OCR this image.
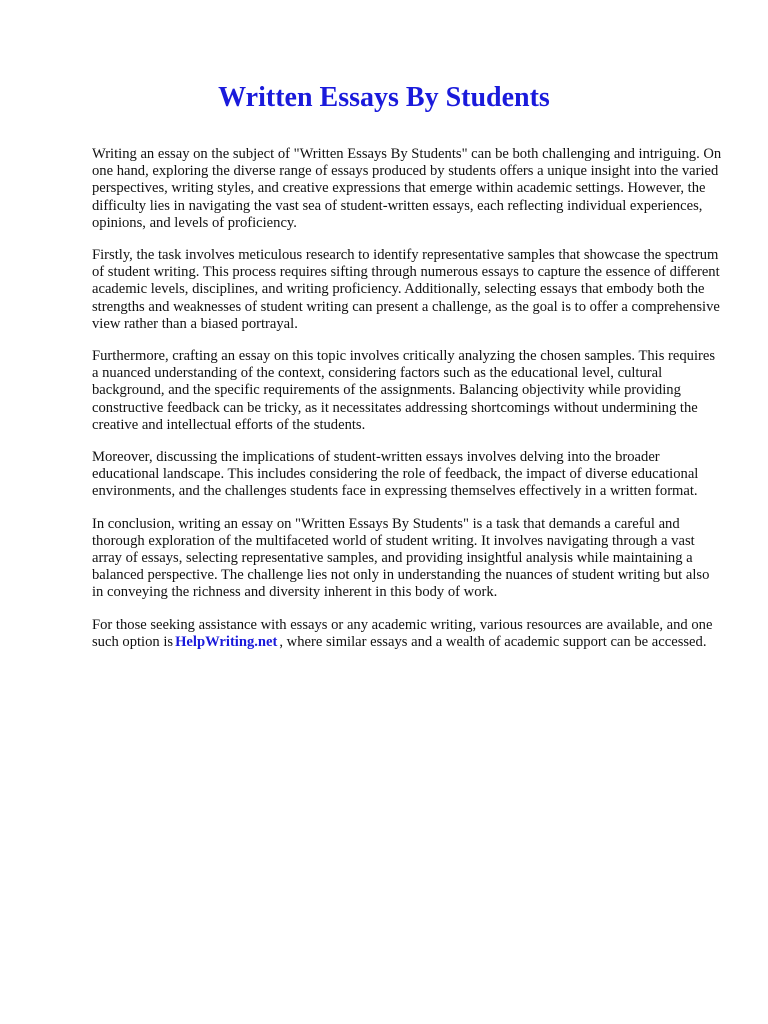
Written Essays By Students

Writing an essay on the subject of "Written Essays By Students" can be both challenging and intriguing. On one hand, exploring the diverse range of essays produced by students offers a unique insight into the varied perspectives, writing styles, and creative expressions that emerge within academic settings. However, the difficulty lies in navigating the vast sea of student-written essays, each reflecting individual experiences, opinions, and levels of proficiency.

Firstly, the task involves meticulous research to identify representative samples that showcase the spectrum of student writing. This process requires sifting through numerous essays to capture the essence of different academic levels, disciplines, and writing proficiency. Additionally, selecting essays that embody both the strengths and weaknesses of student writing can present a challenge, as the goal is to offer a comprehensive view rather than a biased portrayal.

Furthermore, crafting an essay on this topic involves critically analyzing the chosen samples. This requires a nuanced understanding of the context, considering factors such as the educational level, cultural background, and the specific requirements of the assignments. Balancing objectivity while providing constructive feedback can be tricky, as it necessitates addressing shortcomings without undermining the creative and intellectual efforts of the students.

Moreover, discussing the implications of student-written essays involves delving into the broader educational landscape. This includes considering the role of feedback, the impact of diverse educational environments, and the challenges students face in expressing themselves effectively in a written format.

In conclusion, writing an essay on "Written Essays By Students" is a task that demands a careful and thorough exploration of the multifaceted world of student writing. It involves navigating through a vast array of essays, selecting representative samples, and providing insightful analysis while maintaining a balanced perspective. The challenge lies not only in understanding the nuances of student writing but also in conveying the richness and diversity inherent in this body of work.

For those seeking assistance with essays or any academic writing, various resources are available, and one such option is HelpWriting.net , where similar essays and a wealth of academic support can be accessed.
